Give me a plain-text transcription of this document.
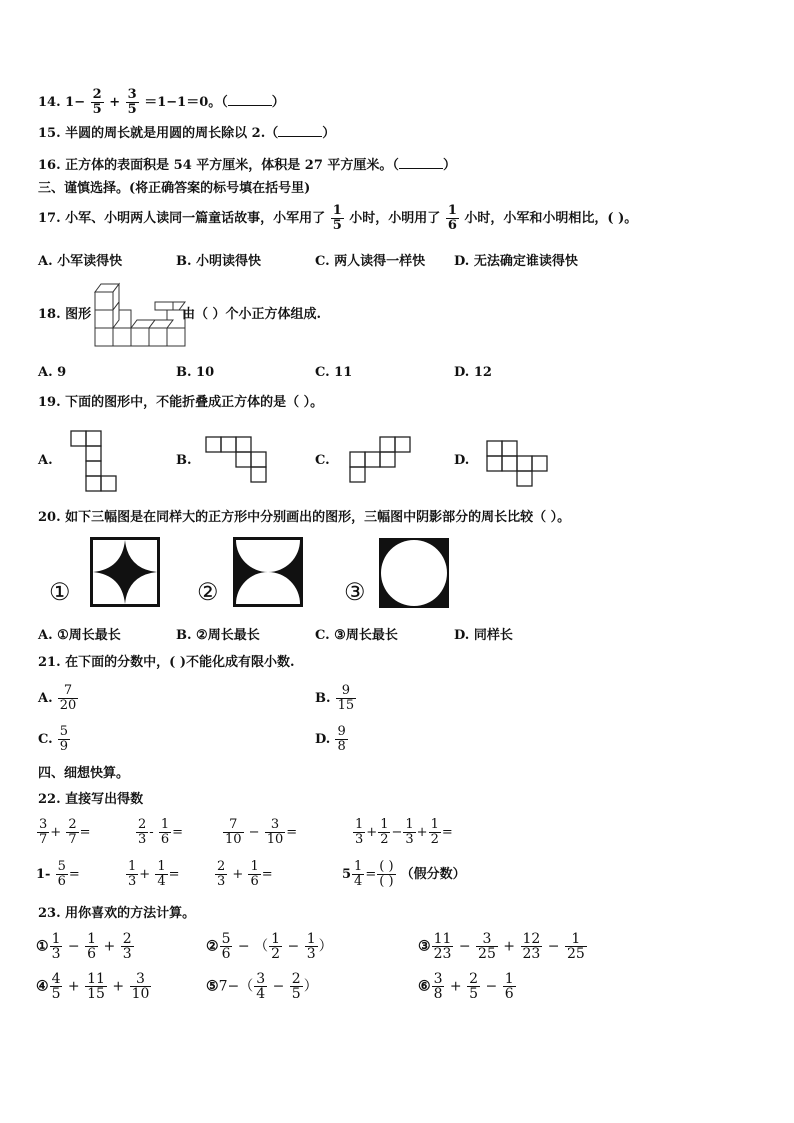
14. $1- \frac{2}{5} + \frac{3}{5} =1-1=0$。（	）
15. 半圆的周长就是用圆的周长除以 2.（	）
16. 正方体的表面积是 54 平方厘米，体积是 27 平方厘米。（	）
三、谨慎选择。(将正确答案的标号填在括号里)
17. 小军、小明两人读同一篇童话故事，小军用了 $\frac{1}{5}$ 小时，小明用了 $\frac{1}{6}$ 小时，小军和小明相比，( )。
A. 小军读得快	B. 小明读得快	C. 两人读得一样快 D. 无法确定谁读得快
18. 图形	由（ ）个小正方体组成.
A. 9	B. 10	C. 11	D. 12
19. 下面的图形中，不能折叠成正方体的是（ ）。
A.	B.	C.	D.
20. 如下三幅图是在同样大的正方形中分别画出的图形，三幅图中阴影部分的周长比较（ ）。
①	②	③
A. ①周长最长	B. ②周长最长	C. ③周长最长	D. 同样长
21. 在下面的分数中，( )不能化成有限小数.
A. $\frac{7}{20}$	B. $\frac{9}{15}$
C. $\frac{5}{9}$	D. $\frac{9}{8}$
四、细想快算。
22. 直接写出得数
$\frac{3}{7} + \frac{2}{7}$ =	$\frac{2}{3} - \frac{1}{6}$ =	$\frac{7}{10} - \frac{3}{10}$ =	$\frac{1}{3} + \frac{1}{2} - \frac{1}{3} + \frac{1}{2}$ =
$1- \frac{5}{6}$ =	$\frac{1}{3} + \frac{1}{4}$ =	$\frac{2}{3} + \frac{1}{6}$ =	$5 \frac{1}{4} = \frac{( )}{( )}$ （假分数）
23. 用你喜欢的方法计算。
① $\frac{1}{3} - \frac{1}{6} + \frac{2}{3}$	② $\frac{5}{6}$ − （ $\frac{1}{2} - \frac{1}{3}$ ）	③ $\frac{11}{23} - \frac{3}{25} + \frac{12}{23} - \frac{1}{25}$
④ $\frac{4}{5} + \frac{11}{15} + \frac{3}{10}$	⑤7−（ $\frac{3}{4} - \frac{2}{5}$ ）	⑥ $\frac{3}{8} + \frac{2}{5} - \frac{1}{6}$
